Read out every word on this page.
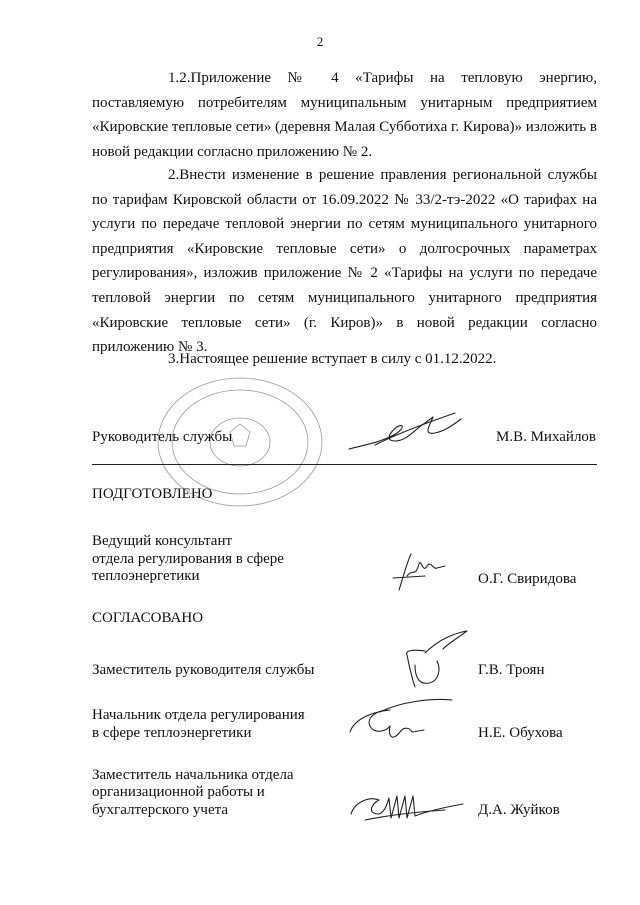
2

1.2.Приложение № 4 «Тарифы на тепловую энергию, поставляемую потребителям муниципальным унитарным предприятием «Кировские тепловые сети» (деревня Малая Субботиха г. Кирова)» изложить в новой редакции согласно приложению № 2.

2.Внести изменение в решение правления региональной службы по тарифам Кировской области от 16.09.2022 № 33/2-тэ-2022 «О тарифах на услуги по передаче тепловой энергии по сетям муниципального унитарного предприятия «Кировские тепловые сети» о долгосрочных параметрах регулирования», изложив приложение № 2 «Тарифы на услуги по передаче тепловой энергии по сетям муниципального унитарного предприятия «Кировские тепловые сети» (г. Киров)» в новой редакции согласно приложению № 3.

3.Настоящее решение вступает в силу с 01.12.2022.

Руководитель службы	М.В. Михайлов
ПОДГОТОВЛЕНО
Ведущий консультант
отдела регулирования в сфере
теплоэнергетики	О.Г. Свиридова
СОГЛАСОВАНО
Заместитель руководителя службы	Г.В. Троян
Начальник отдела регулирования
в сфере теплоэнергетики	Н.Е. Обухова
Заместитель начальника отдела
организационной работы и
бухгалтерского учета	Д.А. Жуйков
